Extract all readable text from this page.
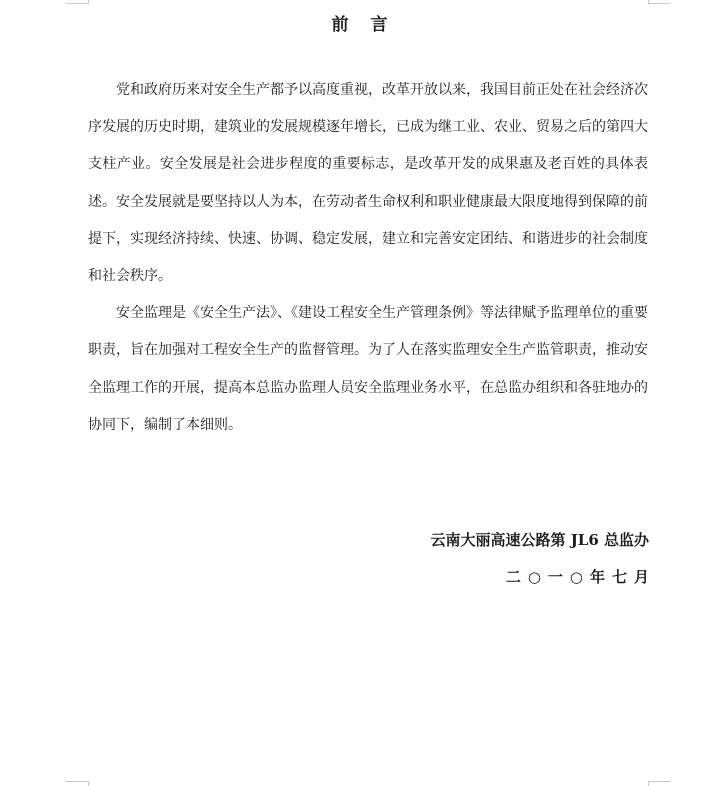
前言

党和政府历来对安全生产都予以高度重视，改革开放以来，我国目前正处在社会经济次序发展的历史时期，建筑业的发展规模逐年增长，已成为继工业、农业、贸易之后的第四大支柱产业。安全发展是社会进步程度的重要标志，是改革开发的成果惠及老百姓的具体表述。安全发展就是要坚持以人为本，在劳动者生命权利和职业健康最大限度地得到保障的前提下，实现经济持续、快速、协调、稳定发展，建立和完善安定团结、和谐进步的社会制度和社会秩序。

安全监理是《安全生产法》、《建设工程安全生产管理条例》等法律赋予监理单位的重要职责，旨在加强对工程安全生产的监督管理。为了人在落实监理安全生产监管职责，推动安全监理工作的开展，提高本总监办监理人员安全监理业务水平，在总监办组织和各驻地办的协同下，编制了本细则。

云南大丽高速公路第 JL6 总监办
二○一○年七月
